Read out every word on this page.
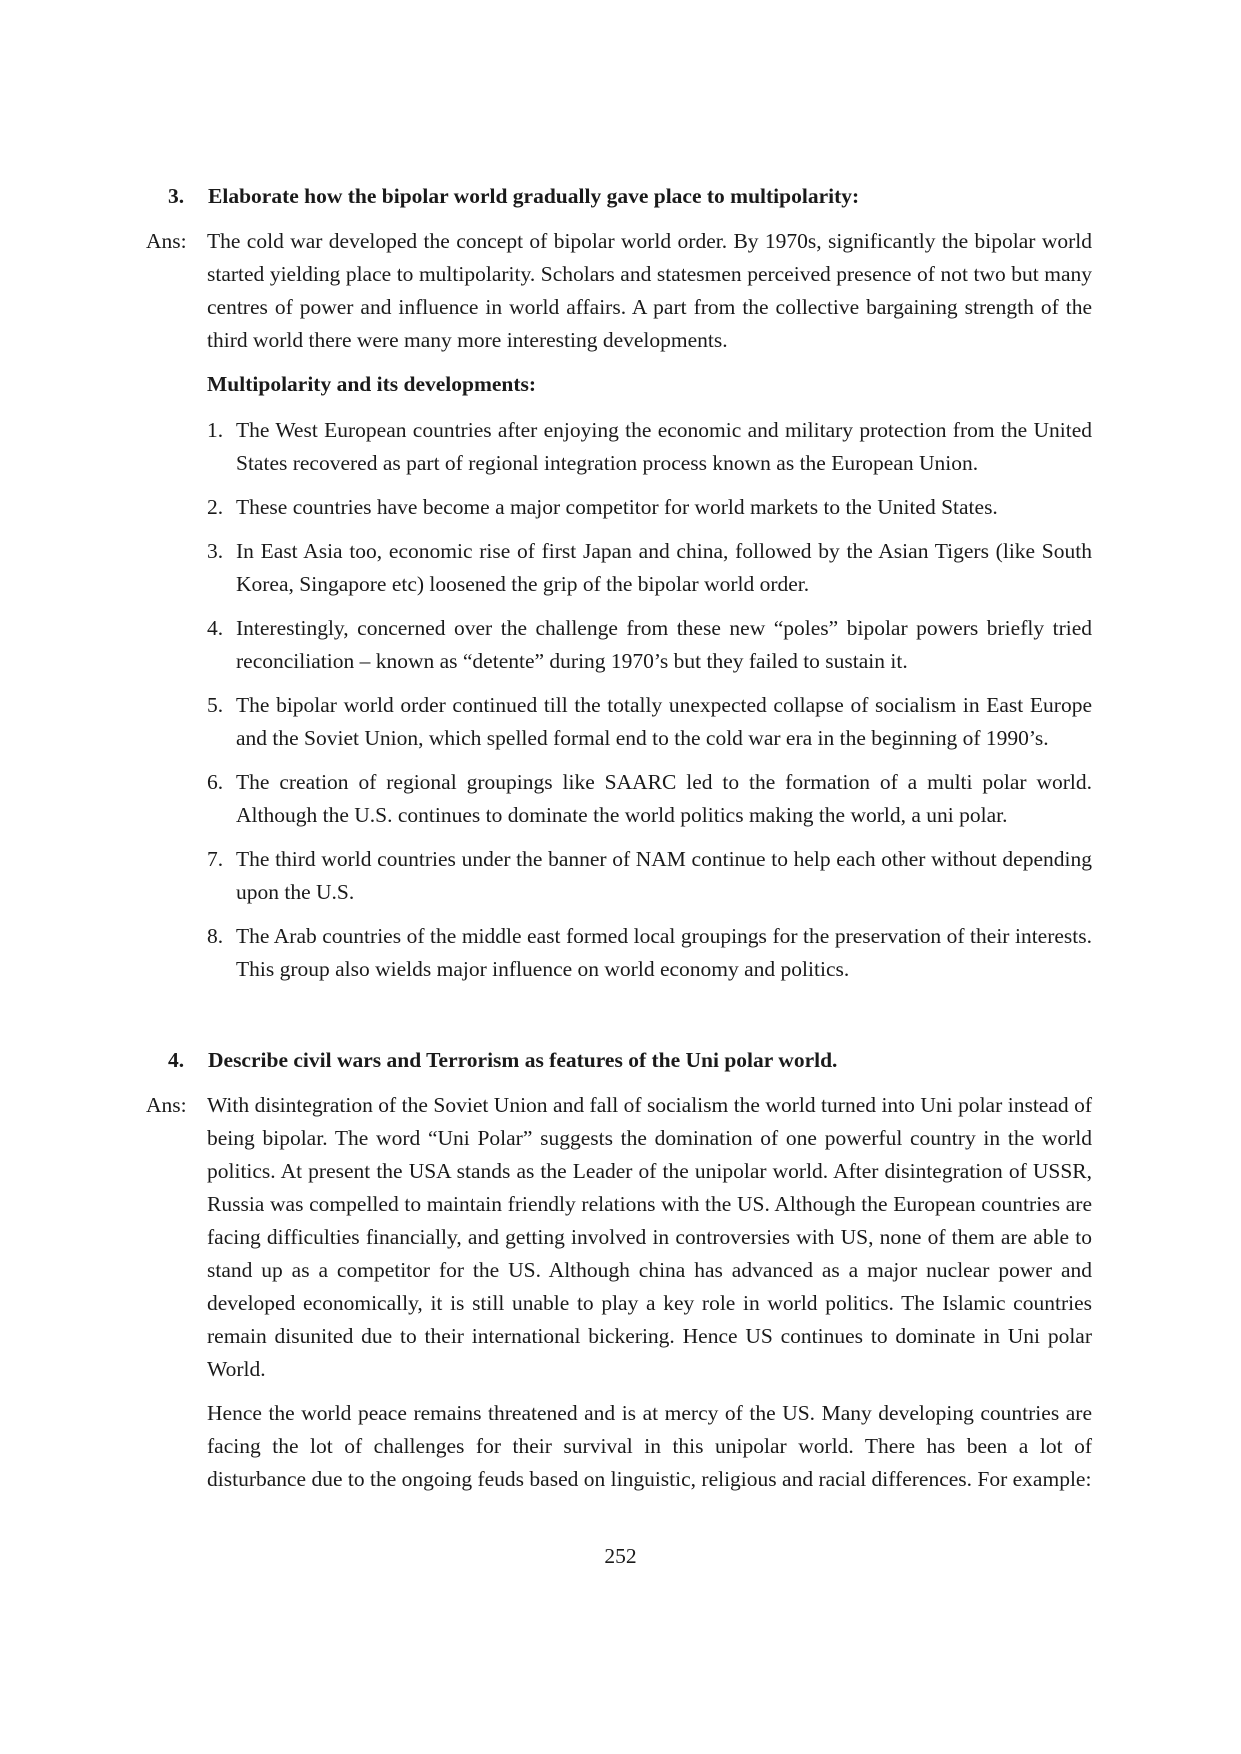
3.	Elaborate how the bipolar world gradually gave place to multipolarity:
Ans: The cold war developed the concept of bipolar world order. By 1970s, significantly the bipolar world started yielding place to multipolarity. Scholars and statesmen perceived presence of not two but many centres of power and influence in world affairs. A part from the collective bargaining strength of the third world there were many more interesting developments.
Multipolarity and its developments:
1. The West European countries after enjoying the economic and military protection from the United States recovered as part of regional integration process known as the European Union.
2. These countries have become a major competitor for world markets to the United States.
3. In East Asia too, economic rise of first Japan and china, followed by the Asian Tigers (like South Korea, Singapore etc) loosened the grip of the bipolar world order.
4. Interestingly, concerned over the challenge from these new “poles” bipolar powers briefly tried reconciliation – known as “detente” during 1970’s but they failed to sustain it.
5. The bipolar world order continued till the totally unexpected collapse of socialism in East Europe and the Soviet Union, which spelled formal end to the cold war era in the beginning of 1990’s.
6. The creation of regional groupings like SAARC led to the formation of a multi polar world. Although the U.S. continues to dominate the world politics making the world, a uni polar.
7. The third world countries under the banner of NAM continue to help each other without depending upon the U.S.
8. The Arab countries of the middle east formed local groupings for the preservation of their interests. This group also wields major influence on world economy and politics.
4.	Describe civil wars and Terrorism as features of the Uni polar world.
Ans: With disintegration of the Soviet Union and fall of socialism the world turned into Uni polar instead of being bipolar. The word “Uni Polar” suggests the domination of one powerful country in the world politics. At present the USA stands as the Leader of the unipolar world. After disintegration of USSR, Russia was compelled to maintain friendly relations with the US. Although the European countries are facing difficulties financially, and getting involved in controversies with US, none of them are able to stand up as a competitor for the US. Although china has advanced as a major nuclear power and developed economically, it is still unable to play a key role in world politics. The Islamic countries remain disunited due to their international bickering. Hence US continues to dominate in Uni polar World.
Hence the world peace remains threatened and is at mercy of the US. Many developing countries are facing the lot of challenges for their survival in this unipolar world. There has been a lot of disturbance due to the ongoing feuds based on linguistic, religious and racial differences. For example:
252
